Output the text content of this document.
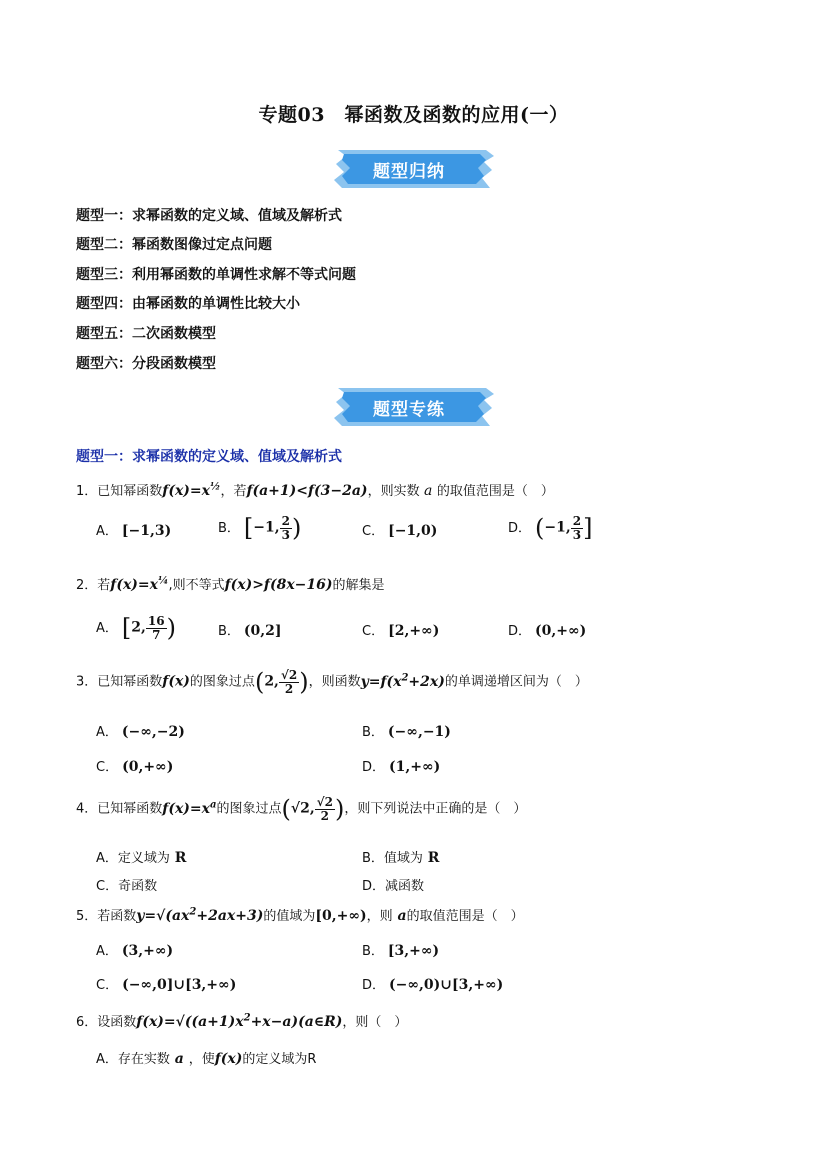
专题03　幂函数及函数的应用(一）
题型归纳
题型一：求幂函数的定义域、值域及解析式
题型二：幂函数图像过定点问题
题型三：利用幂函数的单调性求解不等式问题
题型四：由幂函数的单调性比较大小
题型五：二次函数模型
题型六：分段函数模型
题型专练
题型一：求幂函数的定义域、值域及解析式
1．已知幂函数$f(x)=x^{\frac{1}{2}}$，若f(a+1)<f(3−2a)，则实数 a 的取值范围是（　）
A． [−1,3)	B． [−1, $\frac{2}{3}$ )	C． [−1,0)	D． (−1, $\frac{2}{3}$ ]
2．若$f(x)=x^{\frac{1}{4}}$,则不等式f(x)>f(8x−16)的解集是
A． [2, $\frac{16}{7}$ )	B． (0,2]	C． [2,+∞)	D． (0,+∞)
3．已知幂函数f(x)的图象过点(2, $\frac{√2}{2}$ )，则函数$y=f(x^2+2x)$的单调递增区间为（　）
A． (−∞,−2)	B． (−∞,−1)
C． (0,+∞)	D． (1,+∞)
4．已知幂函数$f(x)=x^a$的图象过点(√2, $\frac{√2}{2}$ )，则下列说法中正确的是（　）
A．定义域为 R	B．值域为 R
C．奇函数	D．减函数
5．若函数$y=√(ax^2+2ax+3)$的值域为[0,+∞)，则 a的取值范围是（　）
A． (3,+∞)	B． [3,+∞)
C． (−∞,0]∪[3,+∞)	D． (−∞,0)∪[3,+∞)
6．设函数$f(x)=√((a+1)x^2+x-a)(a\in R)$，则（　）
A．存在实数 a ，使f(x)的定义域为R
